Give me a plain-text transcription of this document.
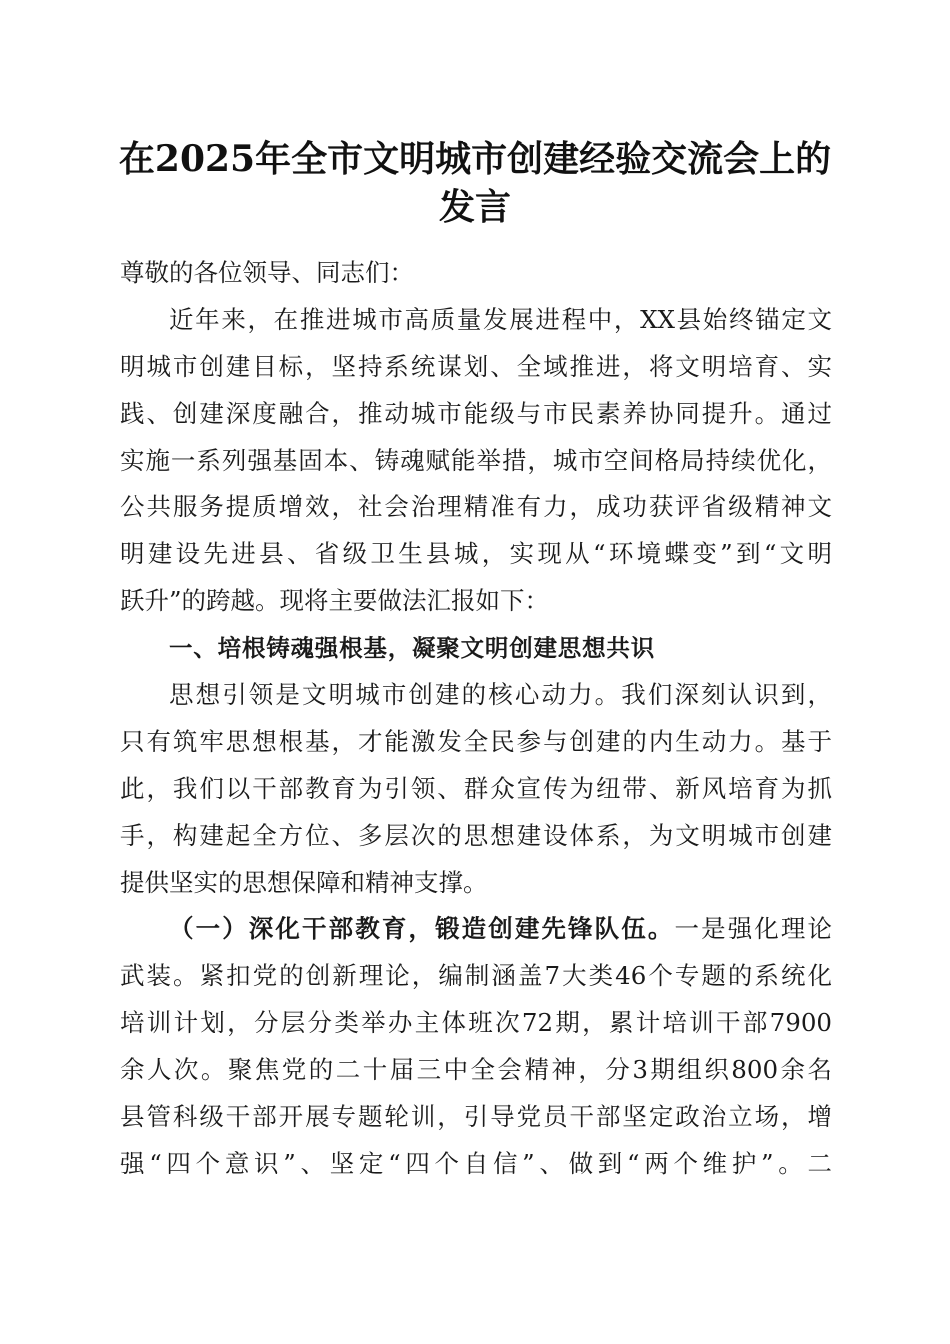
在2025年全市文明城市创建经验交流会上的
发言
尊敬的各位领导、同志们：
近年来，在推进城市高质量发展进程中，XX县始终锚定文
明城市创建目标，坚持系统谋划、全域推进，将文明培育、实
践、创建深度融合，推动城市能级与市民素养协同提升。通过
实施一系列强基固本、铸魂赋能举措，城市空间格局持续优化，
公共服务提质增效，社会治理精准有力，成功获评省级精神文
明建设先进县、省级卫生县城，实现从“环境蝶变”到“文明
跃升”的跨越。现将主要做法汇报如下：
一、培根铸魂强根基，凝聚文明创建思想共识
思想引领是文明城市创建的核心动力。我们深刻认识到，
只有筑牢思想根基，才能激发全民参与创建的内生动力。基于
此，我们以干部教育为引领、群众宣传为纽带、新风培育为抓
手，构建起全方位、多层次的思想建设体系，为文明城市创建
提供坚实的思想保障和精神支撑。
（一）深化干部教育，锻造创建先锋队伍。一是强化理论
武装。紧扣党的创新理论，编制涵盖7大类46个专题的系统化
培训计划，分层分类举办主体班次72期，累计培训干部7900
余人次。聚焦党的二十届三中全会精神，分3期组织800余名
县管科级干部开展专题轮训，引导党员干部坚定政治立场，增
强“四个意识”、坚定“四个自信”、做到“两个维护”。二
